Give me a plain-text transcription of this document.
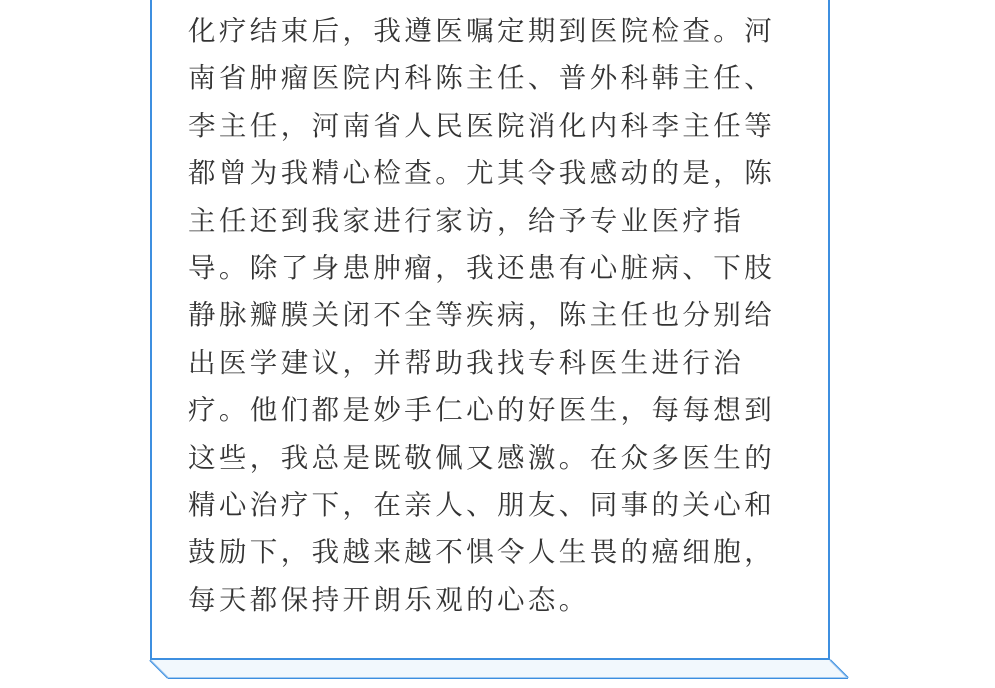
化疗结束后，我遵医嘱定期到医院检查。河
南省肿瘤医院内科陈主任、普外科韩主任、
李主任，河南省人民医院消化内科李主任等
都曾为我精心检查。尤其令我感动的是，陈
主任还到我家进行家访，给予专业医疗指
导。除了身患肿瘤，我还患有心脏病、下肢
静脉瓣膜关闭不全等疾病，陈主任也分别给
出医学建议，并帮助我找专科医生进行治
疗。他们都是妙手仁心的好医生，每每想到
这些，我总是既敬佩又感激。在众多医生的
精心治疗下，在亲人、朋友、同事的关心和
鼓励下，我越来越不惧令人生畏的癌细胞，
每天都保持开朗乐观的心态。
